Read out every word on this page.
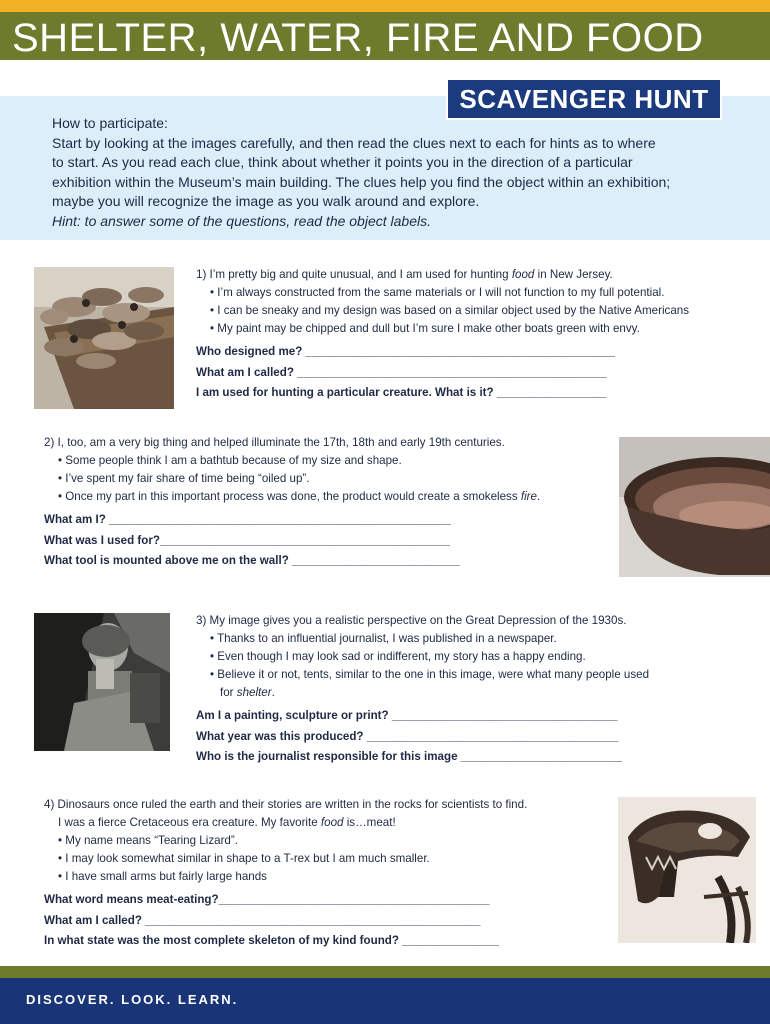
SHELTER, WATER, FIRE AND FOOD
SCAVENGER HUNT
How to participate:
Start by looking at the images carefully, and then read the clues next to each for hints as to where
to start. As you read each clue, think about whether it points you in the direction of a particular
exhibition within the Museum’s main building. The clues help you find the object within an exhibition;
maybe you will recognize the image as you walk around and explore.
Hint: to answer some of the questions, read the object labels.
1) I’m pretty big and quite unusual, and I am used for hunting food in New Jersey.
• I’m always constructed from the same materials or I will not function to my full potential.
• I can be sneaky and my design was based on a similar object used by the Native Americans
• My paint may be chipped and dull but I’m sure I make other boats green with envy.
Who designed me? ________________________________________________
What am I called? ________________________________________________
I am used for hunting a particular creature. What is it? _________________
2) I, too, am a very big thing and helped illuminate the 17th, 18th and early 19th centuries.
• Some people think I am a bathtub because of my size and shape.
• I’ve spent my fair share of time being “oiled up”.
• Once my part in this important process was done, the product would create a smokeless fire.
What am I? _____________________________________________________
What was I used for?_____________________________________________
What tool is mounted above me on the wall? __________________________
3) My image gives you a realistic perspective on the Great Depression of the 1930s.
• Thanks to an influential journalist, I was published in a newspaper.
• Even though I may look sad or indifferent, my story has a happy ending.
• Believe it or not, tents, similar to the one in this image, were what many people used
for shelter.
Am I a painting, sculpture or print? ___________________________________
What year was this produced? _______________________________________
Who is the journalist responsible for this image _________________________
4) Dinosaurs once ruled the earth and their stories are written in the rocks for scientists to find.
I was a fierce Cretaceous era creature. My favorite food is…meat!
• My name means “Tearing Lizard”.
• I may look somewhat similar in shape to a T-rex but I am much smaller.
• I have small arms but fairly large hands
What word means meat-eating?__________________________________________
What am I called? ____________________________________________________
In what state was the most complete skeleton of my kind found? _______________
DISCOVER. LOOK. LEARN.
